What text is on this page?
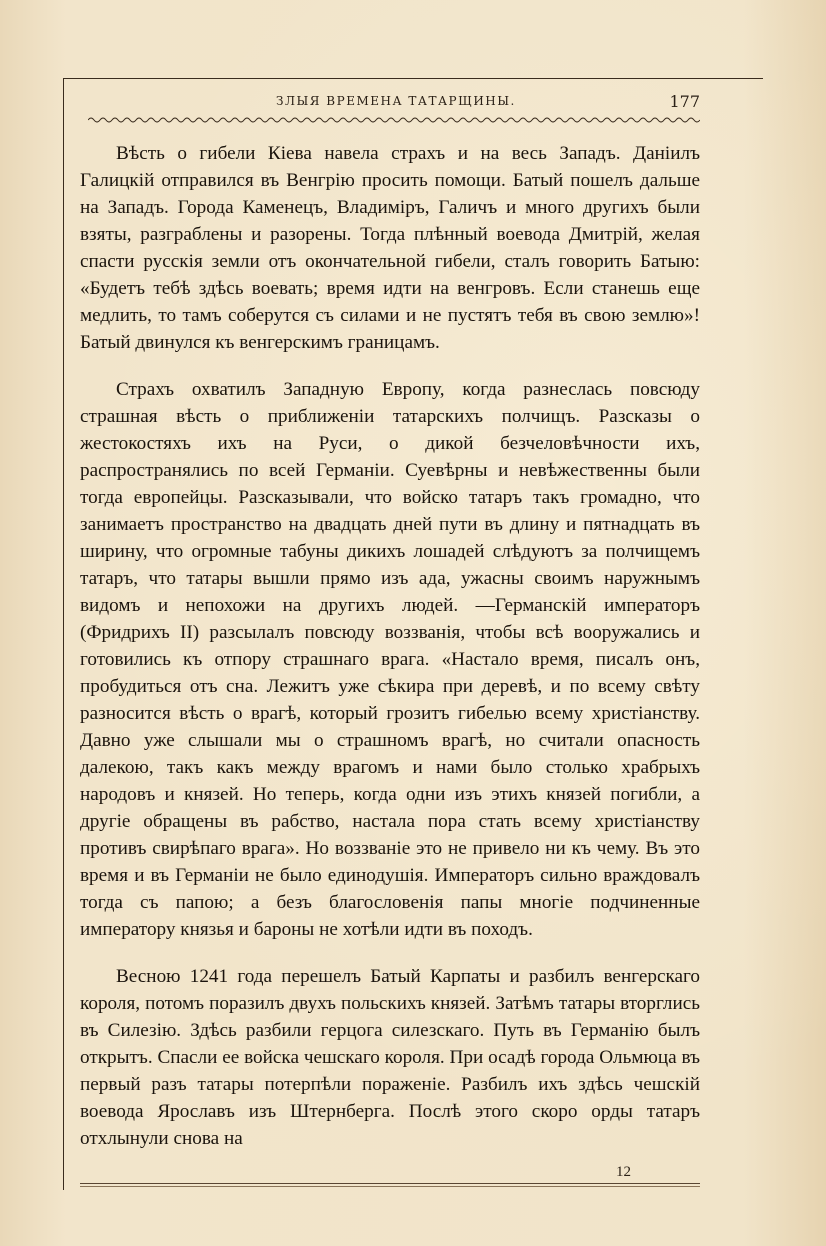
ЗЛЫЯ ВРЕМЕНА ТАТАРЩИНЫ.	177

Вѣсть о гибели Кіева навела страхъ и на весь Западъ. Даніилъ Галицкій отправился въ Венгрію просить помощи. Батый пошелъ дальше на Западъ. Города Каменецъ, Владиміръ, Галичъ и много другихъ были взяты, разграблены и разорены. Тогда плѣнный воевода Дмитрій, желая спасти русскія земли отъ окончательной гибели, сталъ говорить Батыю: «Будетъ тебѣ здѣсь воевать; время идти на венгровъ. Если станешь еще медлить, то тамъ соберутся съ силами и не пустятъ тебя въ свою землю»! Батый двинулся къ венгерскимъ границамъ.

Страхъ охватилъ Западную Европу, когда разнеслась повсюду страшная вѣсть о приближеніи татарскихъ полчищъ. Разсказы о жестокостяхъ ихъ на Руси, о дикой безчеловѣчности ихъ, распространялись по всей Германіи. Суевѣрны и невѣжественны были тогда европейцы. Разсказывали, что войско татаръ такъ громадно, что занимаетъ пространство на двадцать дней пути въ длину и пятнадцать въ ширину, что огромные табуны дикихъ лошадей слѣдуютъ за полчищемъ татаръ, что татары вышли прямо изъ ада, ужасны своимъ наружнымъ видомъ и непохожи на другихъ людей. —Германскій императоръ (Фридрихъ II) разсылалъ повсюду воззванія, чтобы всѣ вооружались и готовились къ отпору страшнаго врага. «Настало время, писалъ онъ, пробудиться отъ сна. Лежитъ уже сѣкира при деревѣ, и по всему свѣту разносится вѣсть о врагѣ, который грозитъ гибелью всему христіанству. Давно уже слышали мы о страшномъ врагѣ, но считали опасность далекою, такъ какъ между врагомъ и нами было столько храбрыхъ народовъ и князей. Но теперь, когда одни изъ этихъ князей погибли, а другіе обращены въ рабство, настала пора стать всему христіанству противъ свирѣпаго врага». Но воззваніе это не привело ни къ чему. Въ это время и въ Германіи не было единодушія. Императоръ сильно враждовалъ тогда съ папою; а безъ благословенія папы многіе подчиненные императору князья и бароны не хотѣли идти въ походъ.

Весною 1241 года перешелъ Батый Карпаты и разбилъ венгерскаго короля, потомъ поразилъ двухъ польскихъ князей. Затѣмъ татары вторглись въ Силезію. Здѣсь разбили герцога силезскаго. Путь въ Германію былъ открытъ. Спасли ее войска чешскаго короля. При осадѣ города Ольмюца въ первый разъ татары потерпѣли пораженіе. Разбилъ ихъ здѣсь чешскій воевода Ярославъ изъ Штернберга. Послѣ этого скоро орды татаръ отхлынули снова на

12
